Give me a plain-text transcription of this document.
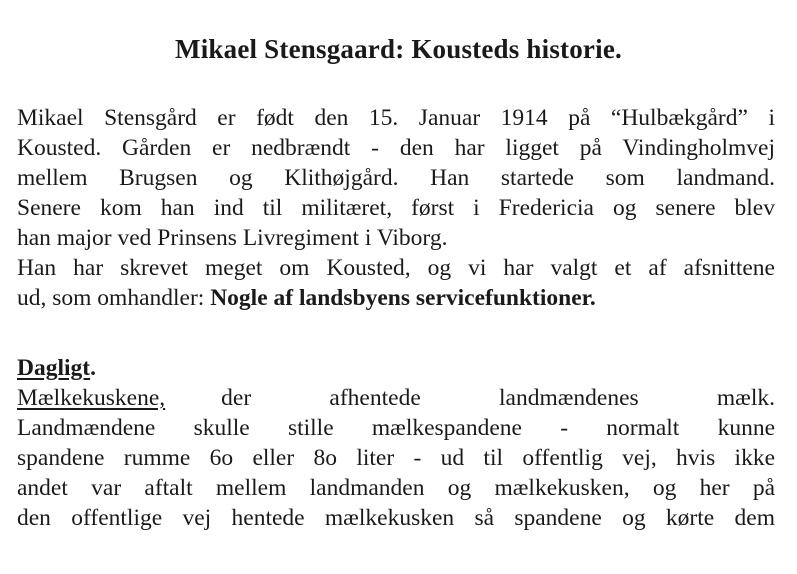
Mikael Stensgaard: Kousteds historie.
Mikael Stensgård er født den 15. Januar 1914 på “Hulbækgård” i
Kousted. Gården er nedbrændt - den har ligget på Vindingholmvej
mellem Brugsen og Klithøjgård. Han startede som landmand.
Senere kom han ind til militæret, først i Fredericia og senere blev
han major ved Prinsens Livregiment i Viborg.
Han har skrevet meget om Kousted, og vi har valgt et af afsnittene
ud, som omhandler: Nogle af landsbyens servicefunktioner.
Dagligt.
Mælkekuskene, der	afhentede	landmændenes	mælk.
Landmændene skulle stille mælkespandene - normalt kunne
spandene rumme 6o eller 8o liter - ud til offentlig vej, hvis ikke
andet var aftalt mellem landmanden og mælkekusken, og her på
den offentlige vej hentede mælkekusken så spandene og kørte dem
